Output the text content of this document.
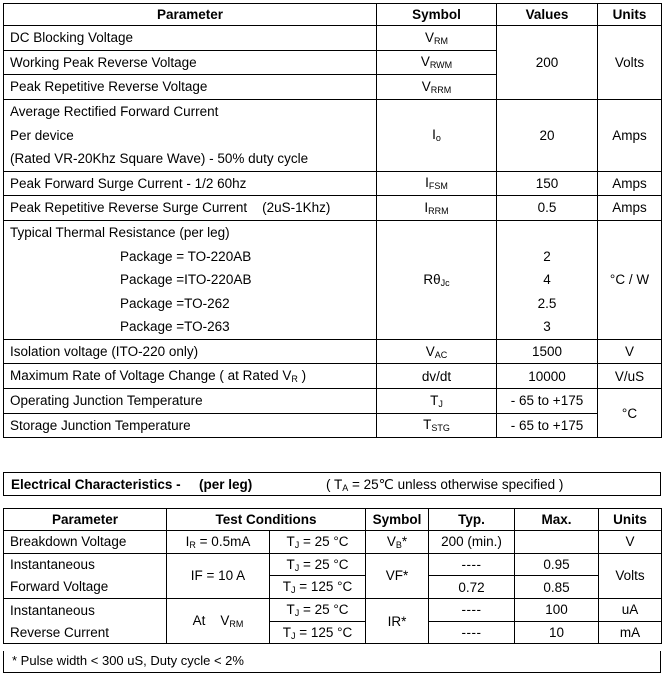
Parameter	Symbol	Values	Units
DC Blocking Voltage	$V_{RM}$	200	Volts
Working Peak Reverse Voltage	$V_{RWM}$
Peak Repetitive Reverse Voltage	$V_{RRM}$
Average Rectified Forward Current	$I_o$	20	Amps
Per device			
(Rated VR-20Khz Square Wave) - 50% duty cycle			
Peak Forward Surge Current - 1/2 60hz	$I_{FSM}$	150	Amps
Peak Repetitive Reverse Surge Current (2uS-1Khz)	$I_{RRM}$	0.5	Amps
Typical Thermal Resistance (per leg)	$R\theta_{Jc}$		°C / W
Package = TO-220AB		2	
Package =ITO-220AB		4	
Package =TO-262		2.5	
Package =TO-263		3	
Isolation voltage (ITO-220 only)	$V_{AC}$	1500	V
Maximum Rate of Voltage Change ( at Rated $V_R$ )	dv/dt	10000	V/uS
Operating Junction Temperature	$T_J$	- 65 to +175	°C
Storage Junction Temperature	$T_{STG}$	- 65 to +175	
Electrical Characteristics - (per leg)	( $T_A$ = 25℃ unless otherwise specified )
Parameter	Test Conditions		Symbol	Typ.	Max.	Units
Breakdown Voltage	$I_R = 0.5mA$	$T_J = 25$ °C	$V_B*$	200 (min.)		V
Instantaneous	IF = 10 A	$T_J = 25$ °C	VF*	----	0.95	Volts
Forward Voltage		$T_J = 125$ °C		0.72	0.85	
Instantaneous	At $V_{RM}$	$T_J = 25$ °C	IR*	----	100	uA
Reverse Current		$T_J = 125$ °C		----	10	mA
* Pulse width < 300 uS, Duty cycle < 2%
